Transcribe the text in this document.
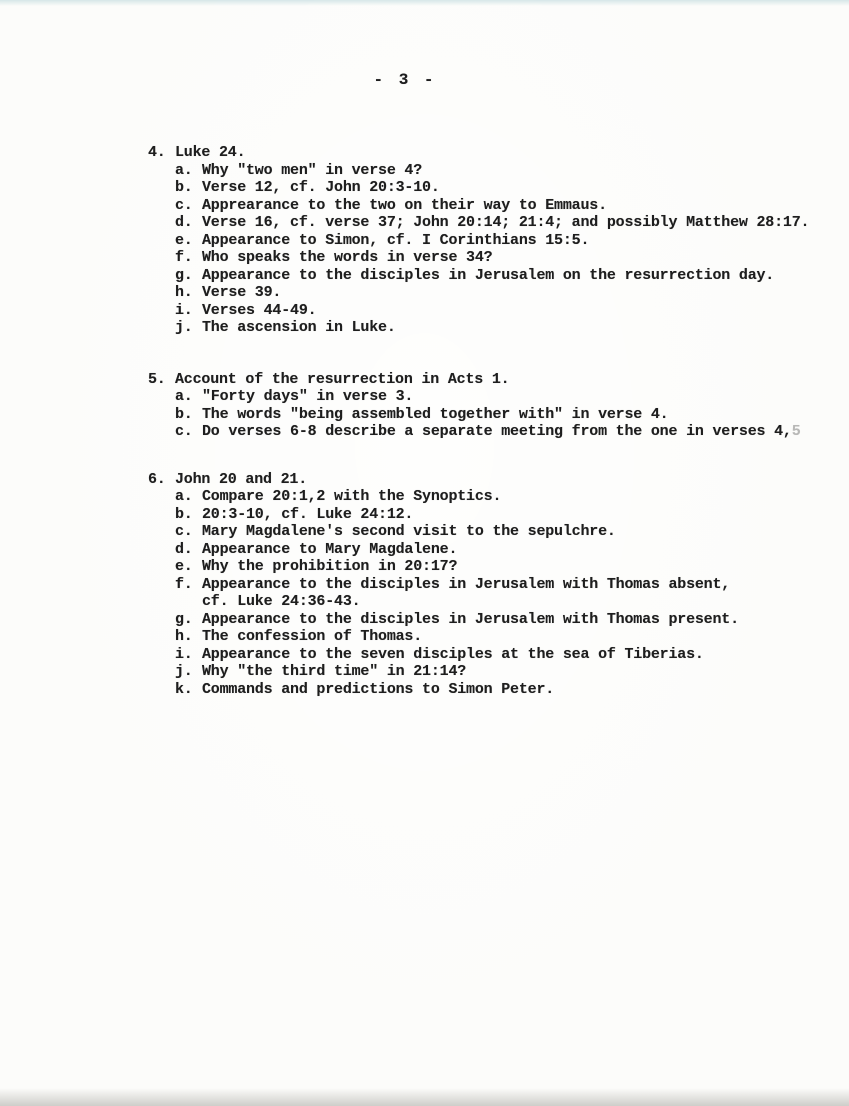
- 3 -
4. Luke 24.
a. Why "two men" in verse 4?
b. Verse 12, cf. John 20:3-10.
c. Apprearance to the two on their way to Emmaus.
d. Verse 16, cf. verse 37; John 20:14; 21:4; and possibly Matthew 28:17.
e. Appearance to Simon, cf. I Corinthians 15:5.
f. Who speaks the words in verse 34?
g. Appearance to the disciples in Jerusalem on the resurrection day.
h. Verse 39.
i. Verses 44-49.
j. The ascension in Luke.
5. Account of the resurrection in Acts 1.
a. "Forty days" in verse 3.
b. The words "being assembled together with" in verse 4.
c. Do verses 6-8 describe a separate meeting from the one in verses 4,5
6. John 20 and 21.
a. Compare 20:1,2 with the Synoptics.
b. 20:3-10, cf. Luke 24:12.
c. Mary Magdalene's second visit to the sepulchre.
d. Appearance to Mary Magdalene.
e. Why the prohibition in 20:17?
f. Appearance to the disciples in Jerusalem with Thomas absent,
cf. Luke 24:36-43.
g. Appearance to the disciples in Jerusalem with Thomas present.
h. The confession of Thomas.
i. Appearance to the seven disciples at the sea of Tiberias.
j. Why "the third time" in 21:14?
k. Commands and predictions to Simon Peter.
